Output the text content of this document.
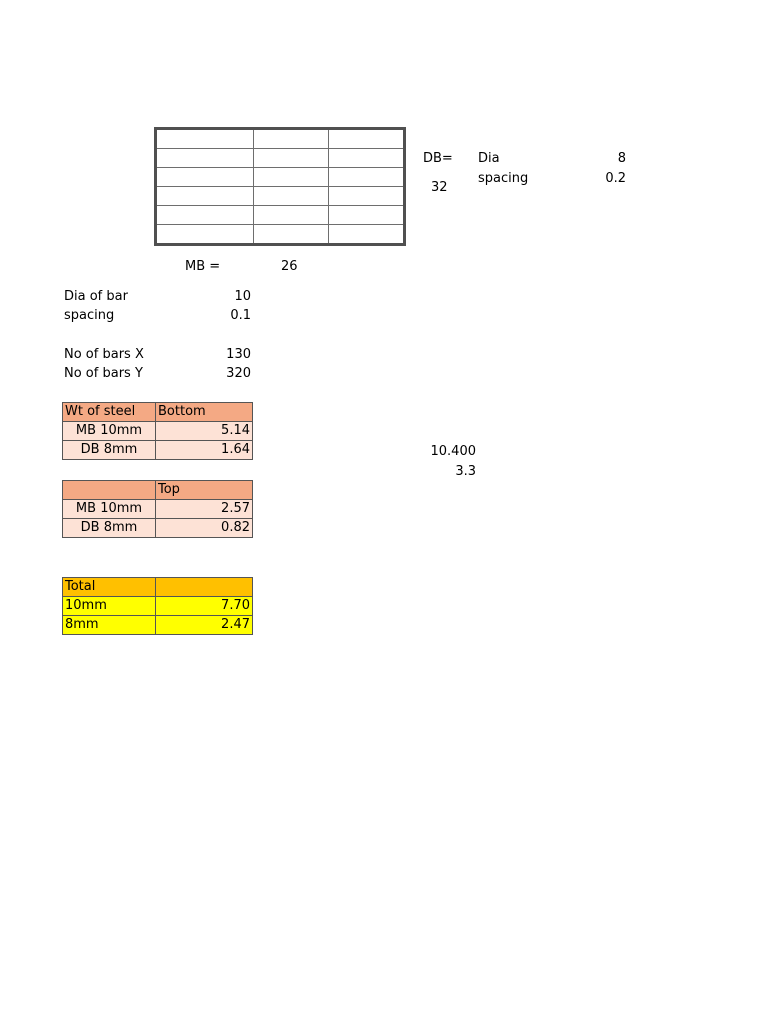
DB=
32
Dia	8
spacing	0.2
MB =	26
Dia of bar	10
spacing	0.1
No of bars X	130
No of bars Y	320
10.400
3.3
Wt of steel	Bottom
MB 10mm	5.14
DB 8mm	1.64
	Top
MB 10mm	2.57
DB 8mm	0.82
Total	
10mm	7.70
8mm	2.47
